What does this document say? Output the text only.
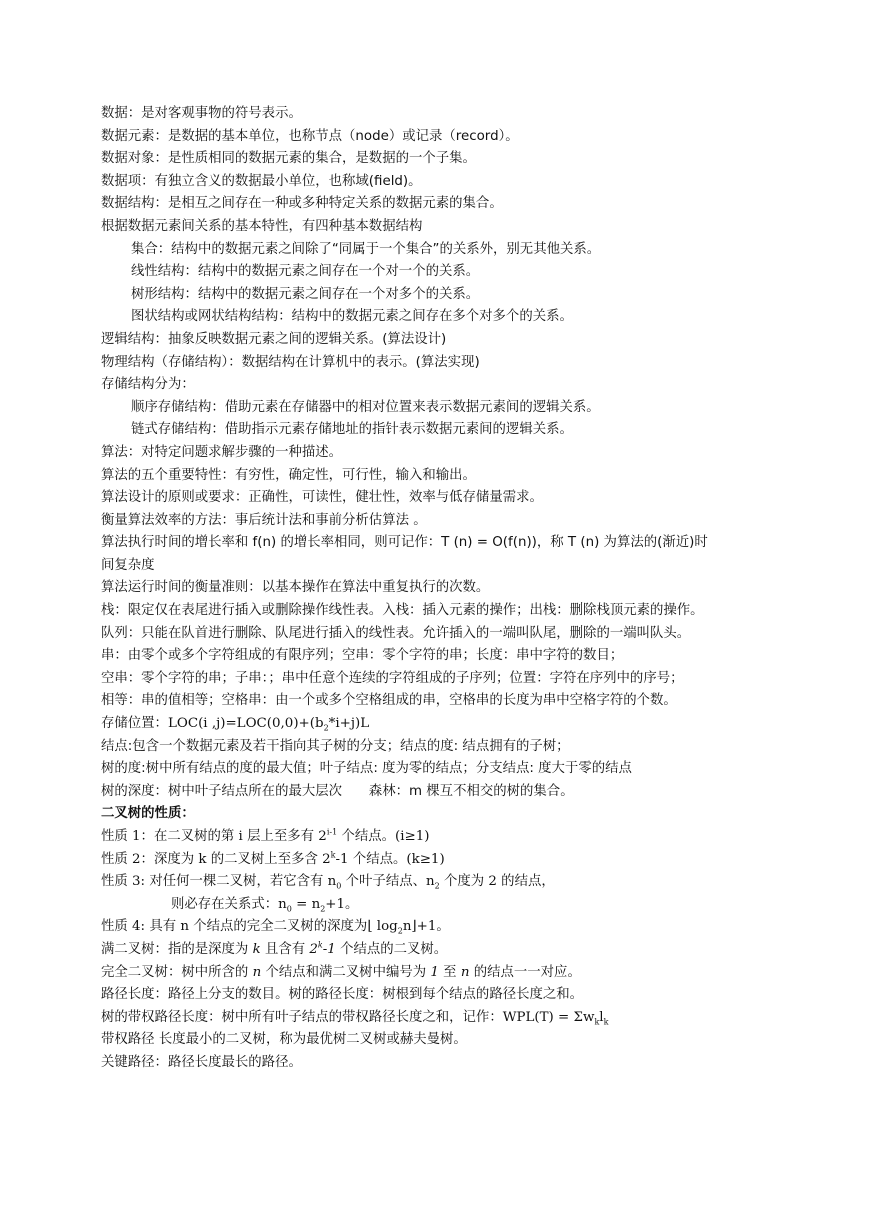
数据：是对客观事物的符号表示。
数据元素：是数据的基本单位，也称节点（node）或记录（record）。
数据对象：是性质相同的数据元素的集合，是数据的一个子集。
数据项：有独立含义的数据最小单位，也称域(field)。
数据结构：是相互之间存在一种或多种特定关系的数据元素的集合。
根据数据元素间关系的基本特性，有四种基本数据结构
集合：结构中的数据元素之间除了“同属于一个集合”的关系外，别无其他关系。
线性结构：结构中的数据元素之间存在一个对一个的关系。
树形结构：结构中的数据元素之间存在一个对多个的关系。
图状结构或网状结构结构：结构中的数据元素之间存在多个对多个的关系。
逻辑结构：抽象反映数据元素之间的逻辑关系。(算法设计)
物理结构（存储结构）：数据结构在计算机中的表示。(算法实现)
存储结构分为：
顺序存储结构：借助元素在存储器中的相对位置来表示数据元素间的逻辑关系。
链式存储结构：借助指示元素存储地址的指针表示数据元素间的逻辑关系。
算法：对特定问题求解步骤的一种描述。
算法的五个重要特性：有穷性，确定性，可行性，输入和输出。
算法设计的原则或要求：正确性，可读性，健壮性，效率与低存储量需求。
衡量算法效率的方法：事后统计法和事前分析估算法 。
算法执行时间的增长率和 f(n) 的增长率相同，则可记作：T (n) = O(f(n))，称 T (n) 为算法的(渐近)时
间复杂度
算法运行时间的衡量准则：以基本操作在算法中重复执行的次数。
栈：限定仅在表尾进行插入或删除操作线性表。入栈：插入元素的操作；出栈：删除栈顶元素的操作。
队列：只能在队首进行删除、队尾进行插入的线性表。允许插入的一端叫队尾，删除的一端叫队头。
串：由零个或多个字符组成的有限序列；空串：零个字符的串；长度：串中字符的数目；
空串：零个字符的串；子串：；串中任意个连续的字符组成的子序列；位置：字符在序列中的序号；
相等：串的值相等；空格串：由一个或多个空格组成的串，空格串的长度为串中空格字符的个数。
存储位置：LOC(i $,j)=LOC(0,0)+(b_2*i+j)L$
结点:包含一个数据元素及若干指向其子树的分支；结点的度: 结点拥有的子树；
树的度:树中所有结点的度的最大值；叶子结点: 度为零的结点；分支结点: 度大于零的结点
树的深度：树中叶子结点所在的最大层次　　森林：m 棵互不相交的树的集合。
二叉树的性质：
性质 1：在二叉树的第 i 层上至多有 2$^{i-1}$ 个结点。(i≥1)
性质 2：深度为 k 的二叉树上至多含 2$^k$-1 个结点。(k≥1)
性质 3: 对任何一棵二叉树，若它含有 $n_0$ 个叶子结点、$n_2$ 个度为 2 的结点，
则必存在关系式：$n_0 = n_2+1$。
性质 4: 具有 n 个结点的完全二叉树的深度为⌊ $\log_2n⌋+1$。
满二叉树：指的是深度为 k 且含有 2$^k$-1 个结点的二叉树。
完全二叉树：树中所含的 n 个结点和满二叉树中编号为 1 至 n 的结点一一对应。
路径长度：路径上分支的数目。树的路径长度：树根到每个结点的路径长度之和。
树的带权路径长度：树中所有叶子结点的带权路径长度之和，记作：$WPL(T) = \Sigma w_kl_k$
带权路径 长度最小的二叉树，称为最优树二叉树或赫夫曼树。
关键路径：路径长度最长的路径。
